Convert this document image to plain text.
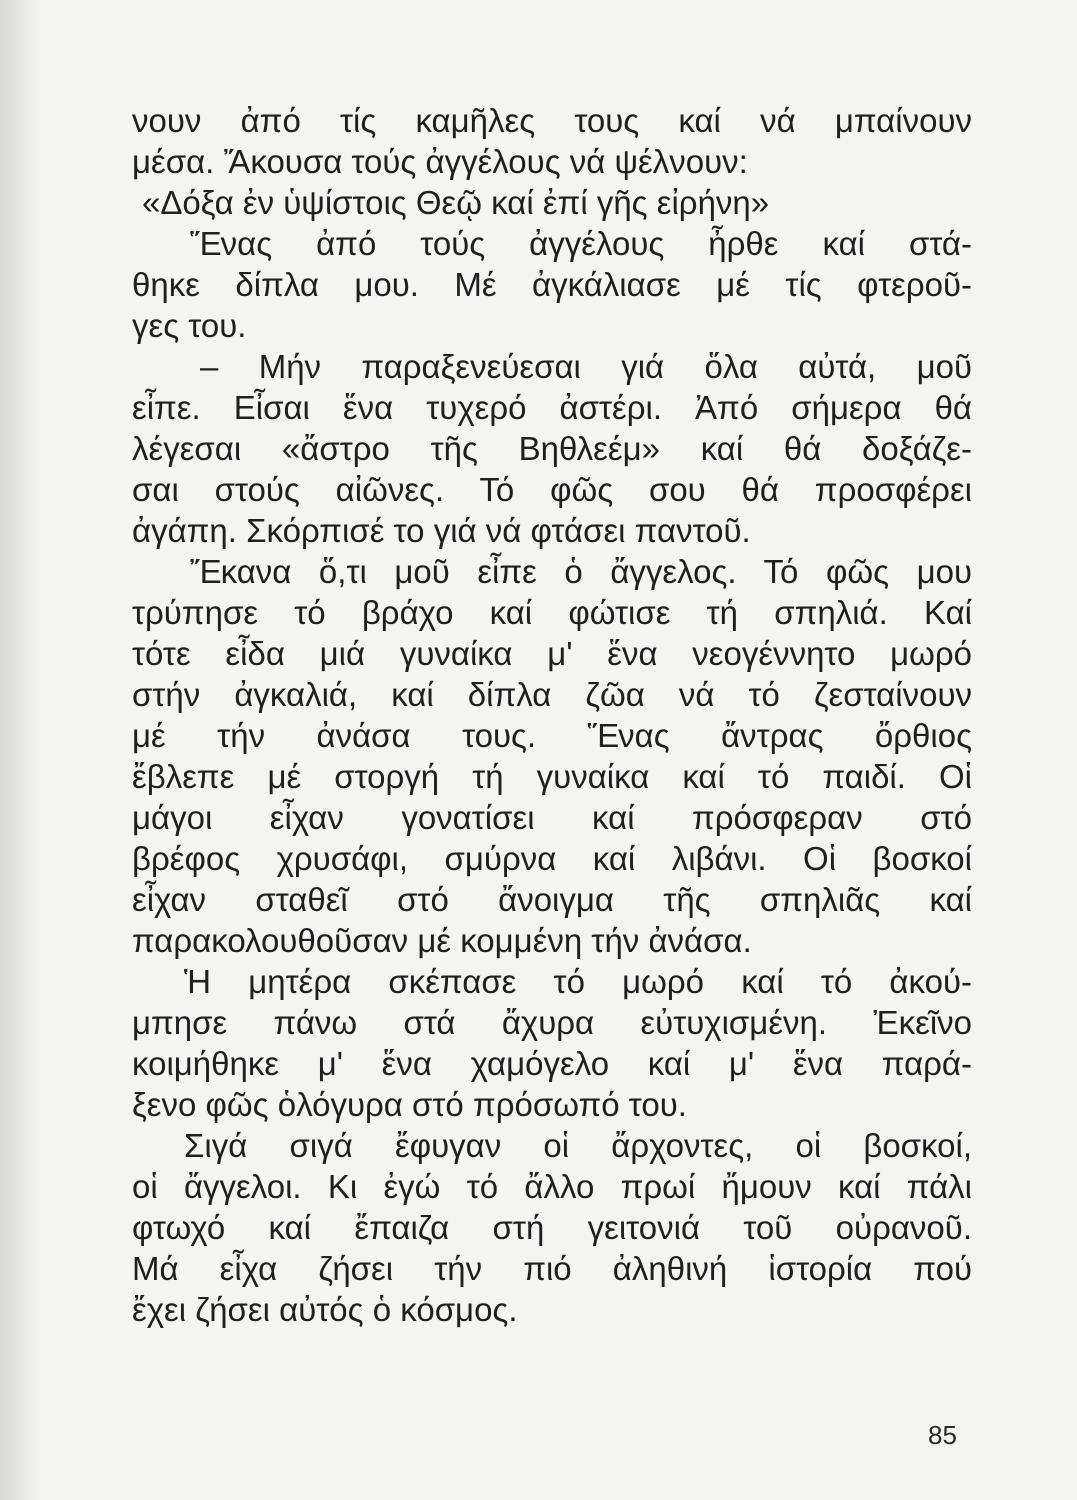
νουν ἀπό τίς καμῆλες τους καί νά μπαίνουν
μέσα. Ἄκουσα τούς ἀγγέλους νά ψέλνουν:
«Δόξα ἐν ὑψίστοις Θεῷ καί ἐπί γῆς εἰρήνη»
Ἕνας ἀπό τούς ἀγγέλους ἦρθε καί στά-
θηκε δίπλα μου. Μέ ἀγκάλιασε μέ τίς φτεροῦ-
γες του.
– Μήν παραξενεύεσαι γιά ὅλα αὐτά, μοῦ
εἶπε. Εἶσαι ἕνα τυχερό ἀστέρι. Ἀπό σήμερα θά
λέγεσαι «ἄστρο τῆς Βηθλεέμ» καί θά δοξάζε-
σαι στούς αἰῶνες. Τό φῶς σου θά προσφέρει
ἀγάπη. Σκόρπισέ το γιά νά φτάσει παντοῦ.
Ἔκανα ὅ,τι μοῦ εἶπε ὁ ἄγγελος. Τό φῶς μου
τρύπησε τό βράχο καί φώτισε τή σπηλιά. Καί
τότε εἶδα μιά γυναίκα μ' ἕνα νεογέννητο μωρό
στήν ἀγκαλιά, καί δίπλα ζῶα νά τό ζεσταίνουν
μέ τήν ἀνάσα τους. Ἕνας ἄντρας ὄρθιος
ἔβλεπε μέ στοργή τή γυναίκα καί τό παιδί. Οἱ
μάγοι εἶχαν γονατίσει καί πρόσφεραν στό
βρέφος χρυσάφι, σμύρνα καί λιβάνι. Οἱ βοσκοί
εἶχαν σταθεῖ στό ἄνοιγμα τῆς σπηλιᾶς καί
παρακολουθοῦσαν μέ κομμένη τήν ἀνάσα.
Ἡ μητέρα σκέπασε τό μωρό καί τό ἀκού-
μπησε πάνω στά ἄχυρα εὐτυχισμένη. Ἐκεῖνο
κοιμήθηκε μ' ἕνα χαμόγελο καί μ' ἕνα παρά-
ξενο φῶς ὁλόγυρα στό πρόσωπό του.
Σιγά σιγά ἔφυγαν οἱ ἄρχοντες, οἱ βοσκοί,
οἱ ἄγγελοι. Κι ἐγώ τό ἄλλο πρωί ἤμουν καί πάλι
φτωχό καί ἔπαιζα στή γειτονιά τοῦ οὐρανοῦ.
Μά εἶχα ζήσει τήν πιό ἀληθινή ἱστορία πού
ἔχει ζήσει αὐτός ὁ κόσμος.
85
